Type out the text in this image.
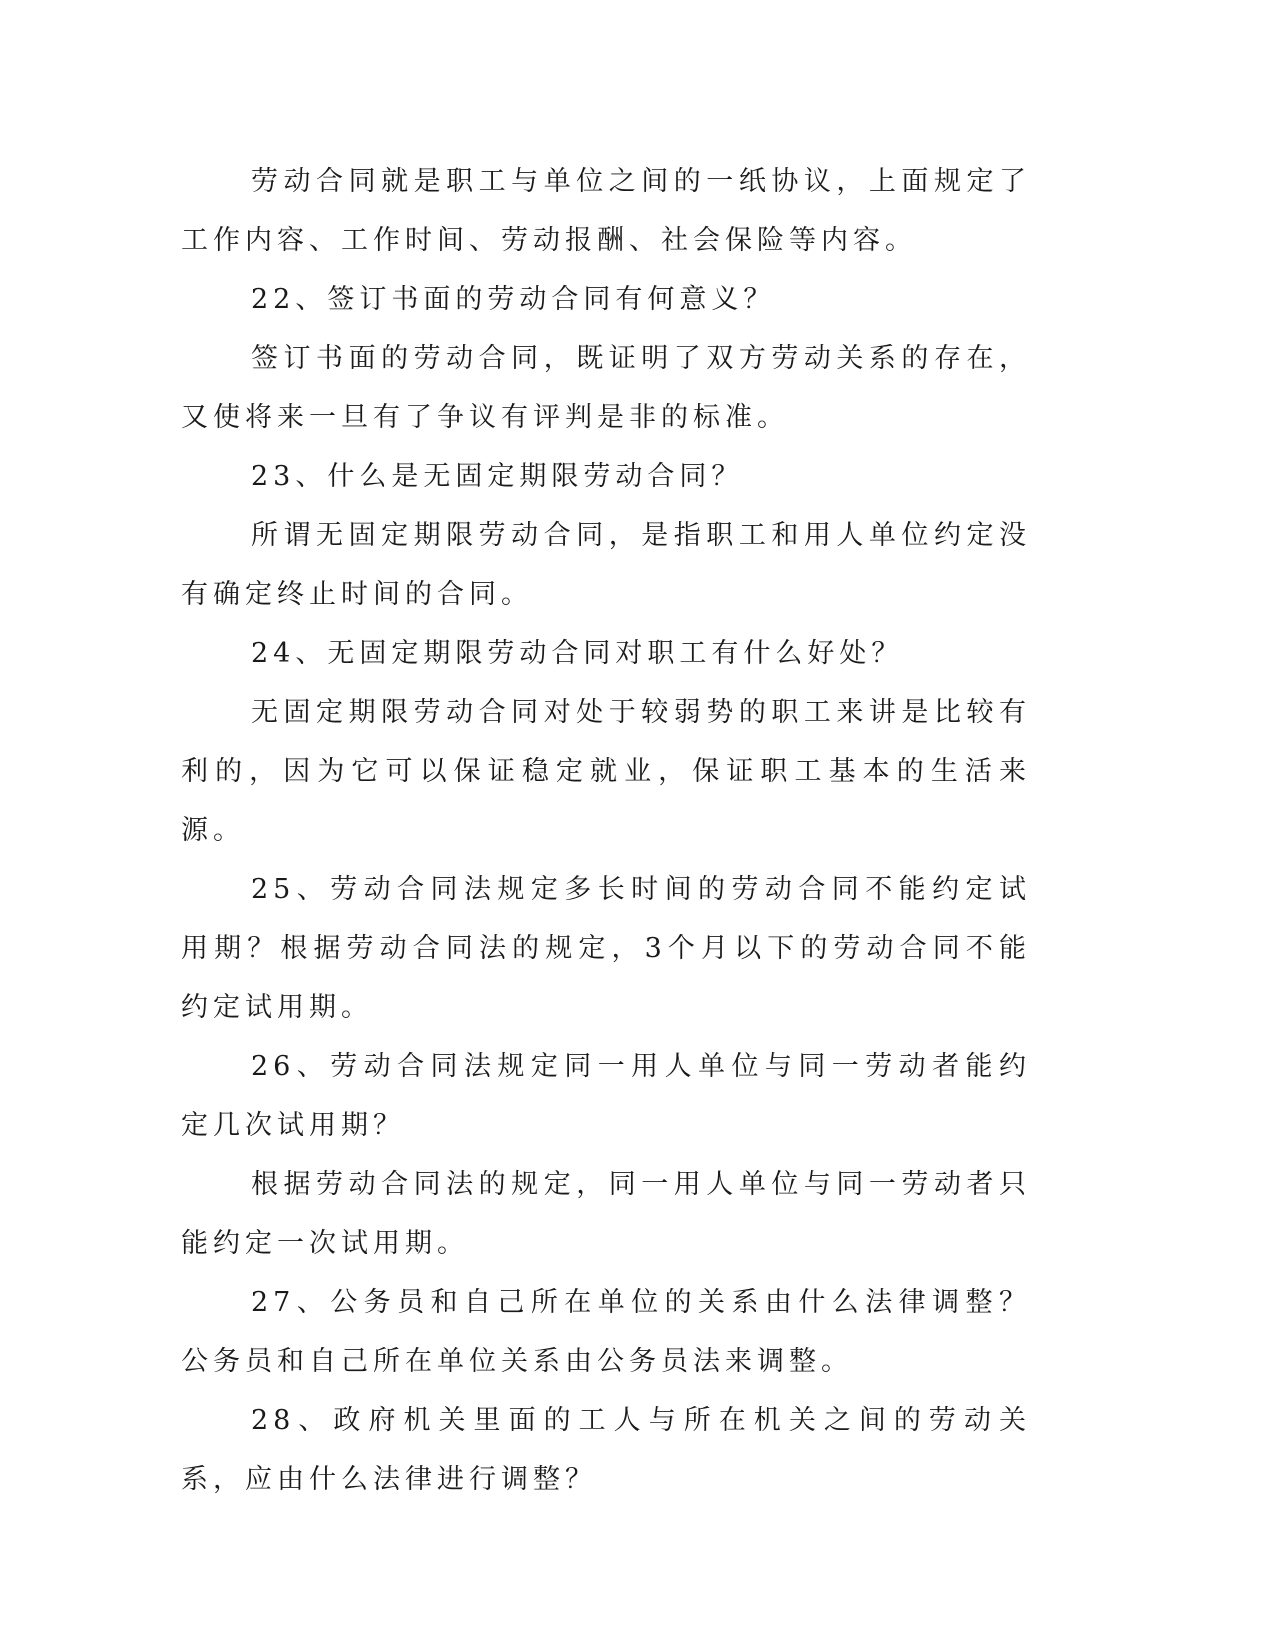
劳动合同就是职工与单位之间的一纸协议，上面规定了工作内容、工作时间、劳动报酬、社会保险等内容。

22、签订书面的劳动合同有何意义？

签订书面的劳动合同，既证明了双方劳动关系的存在，又使将来一旦有了争议有评判是非的标准。

23、什么是无固定期限劳动合同？

所谓无固定期限劳动合同，是指职工和用人单位约定没有确定终止时间的合同。

24、无固定期限劳动合同对职工有什么好处？

无固定期限劳动合同对处于较弱势的职工来讲是比较有利的，因为它可以保证稳定就业，保证职工基本的生活来源。

25、劳动合同法规定多长时间的劳动合同不能约定试用期？根据劳动合同法的规定，3个月以下的劳动合同不能约定试用期。

26、劳动合同法规定同一用人单位与同一劳动者能约定几次试用期？

根据劳动合同法的规定，同一用人单位与同一劳动者只能约定一次试用期。

27、公务员和自己所在单位的关系由什么法律调整？公务员和自己所在单位关系由公务员法来调整。

28、政府机关里面的工人与所在机关之间的劳动关系，应由什么法律进行调整？
